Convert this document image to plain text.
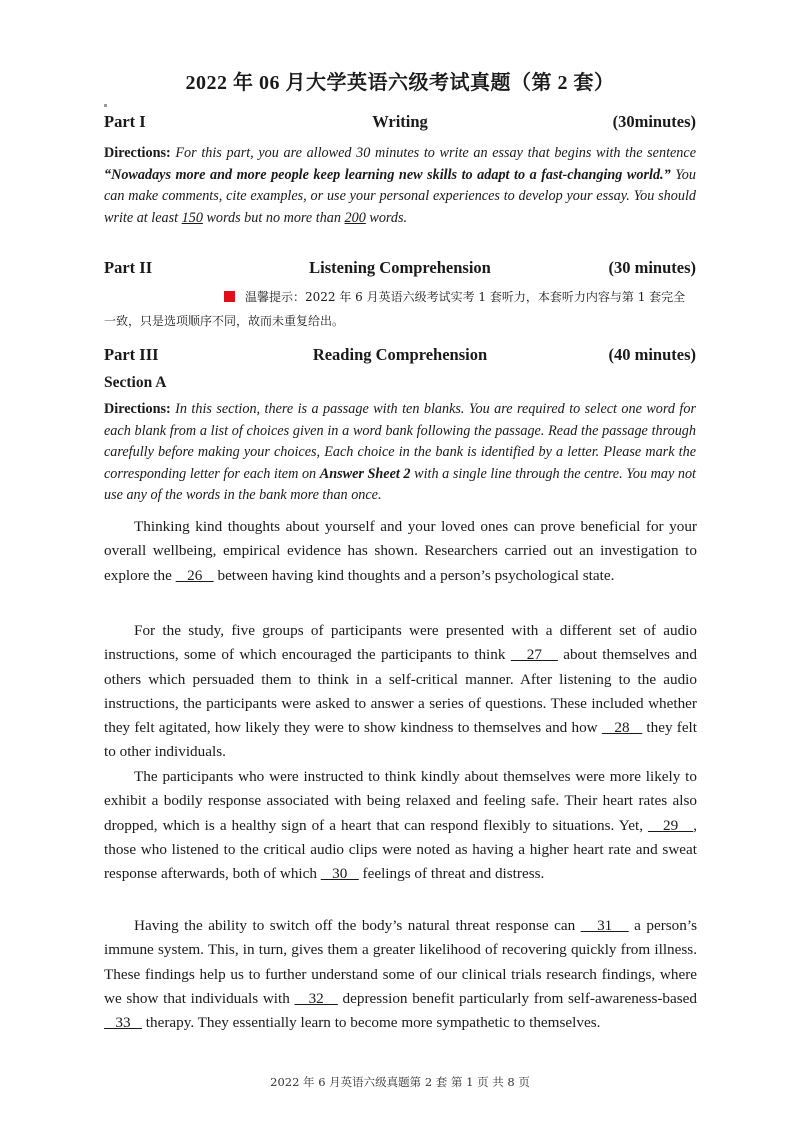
2022 年 06 月大学英语六级考试真题（第 2 套）
Part I	Writing	(30minutes)
Directions: For this part, you are allowed 30 minutes to write an essay that begins with the sentence “Nowadays more and more people keep learning new skills to adapt to a fast-changing world.” You can make comments, cite examples, or use your personal experiences to develop your essay. You should write at least 150 words but no more than 200 words.
Part II	Listening Comprehension	(30 minutes)
温馨提示：2022 年 6 月英语六级考试实考 1 套听力，本套听力内容与第 1 套完全一致，只是选项顺序不同，故而未重复给出。
Part III	Reading Comprehension	(40 minutes)
Section A
Directions: In this section, there is a passage with ten blanks. You are required to select one word for each blank from a list of choices given in a word bank following the passage. Read the passage through carefully before making your choices, Each choice in the bank is identified by a letter. Please mark the corresponding letter for each item on Answer Sheet 2 with a single line through the centre. You may not use any of the words in the bank more than once.
Thinking kind thoughts about yourself and your loved ones can prove beneficial for your overall wellbeing, empirical evidence has shown. Researchers carried out an investigation to explore the    26    between having kind thoughts and a person’s psychological state.
For the study, five groups of participants were presented with a different set of audio instructions, some of which encouraged the participants to think    27    about themselves and others which persuaded them to think in a self-critical manner. After listening to the audio instructions, the participants were asked to answer a series of questions. These included whether they felt agitated, how likely they were to show kindness to themselves and how    28    they felt to other individuals.
The participants who were instructed to think kindly about themselves were more likely to exhibit a bodily response associated with being relaxed and feeling safe. Their heart rates also dropped, which is a healthy sign of a heart that can respond flexibly to situations. Yet,    29   , those who listened to the critical audio clips were noted as having a higher heart rate and sweat response afterwards, both of which    30    feelings of threat and distress.
Having the ability to switch off the body’s natural threat response can    31    a person’s immune system. This, in turn, gives them a greater likelihood of recovering quickly from illness. These findings help us to further understand some of our clinical trials research findings, where we show that individuals with    32    depression benefit particularly from self-awareness-based    33    therapy. They essentially learn to become more sympathetic to themselves.
2022 年 6 月英语六级真题第 2 套 第 1 页 共 8 页
